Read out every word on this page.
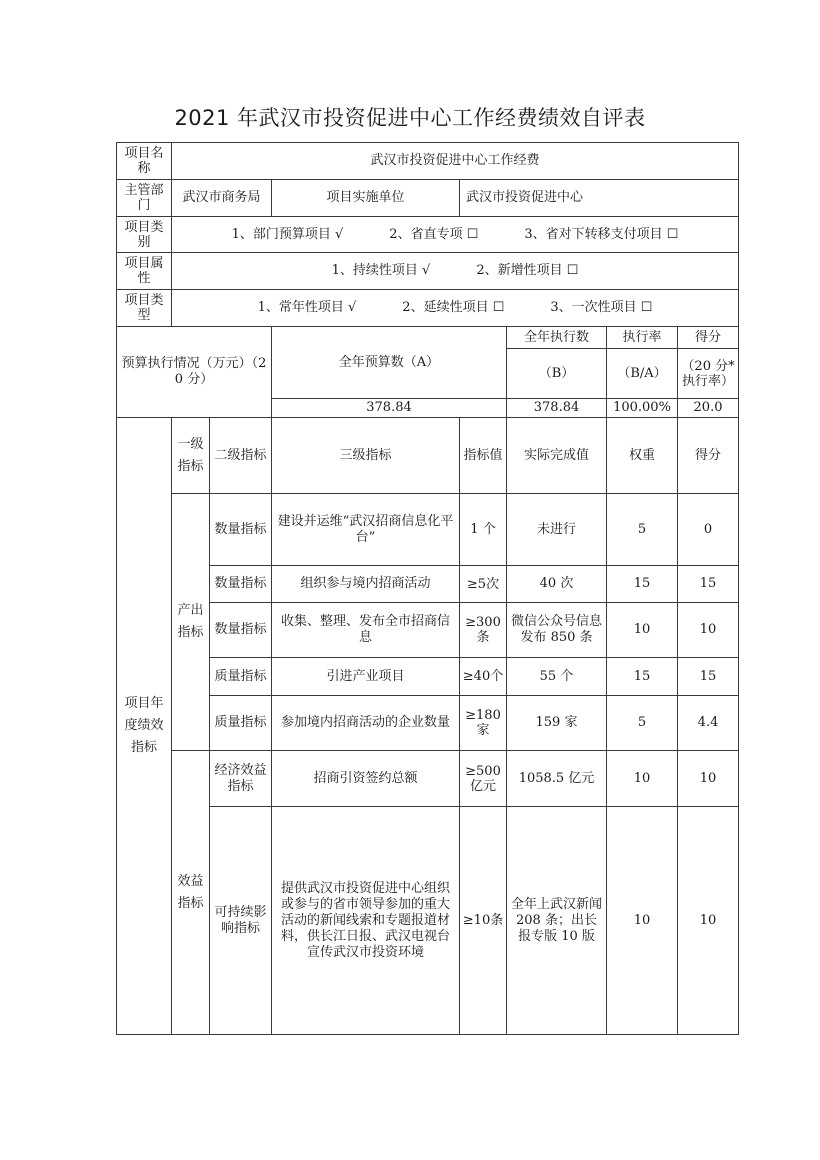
2021 年武汉市投资促进中心工作经费绩效自评表
项目名称	武汉市投资促进中心工作经费						
主管部门	武汉市商务局		项目实施单位	武汉市投资促进中心			
项目类别	1、部门预算项目 √ 2、省直专项 ☐ 3、省对下转移支付项目 ☐						
项目属性	1、持续性项目 √ 2、新增性项目 ☐						
项目类型	1、常年性项目 √ 2、延续性项目 ☐ 3、一次性项目 ☐						
预算执行情况（万元）（20 分）			全年预算数（A）		全年执行数	执行率	得分
					（B）	（B/A）	（20 分*执行率）
			378.84		378.84	100.00%	20.0
项目年度绩效指标	一级指标	二级指标	三级指标	指标值	实际完成值	权重	得分
	产出指标	数量指标	建设并运维“武汉招商信息化平台”	1 个	未进行	5	0
		数量指标	组织参与境内招商活动	≥5次	40 次	15	15
		数量指标	收集、整理、发布全市招商信息	≥300条	微信公众号信息发布 850 条	10	10
		质量指标	引进产业项目	≥40个	55 个	15	15
		质量指标	参加境内招商活动的企业数量	≥180家	159 家	5	4.4
	效益指标	经济效益指标	招商引资签约总额	≥500亿元	1058.5 亿元	10	10
		可持续影响指标	提供武汉市投资促进中心组织或参与的省市领导参加的重大活动的新闻线索和专题报道材料，供长江日报、武汉电视台宣传武汉市投资环境	≥10条	全年上武汉新闻 208 条；出长报专版 10 版	10	10
